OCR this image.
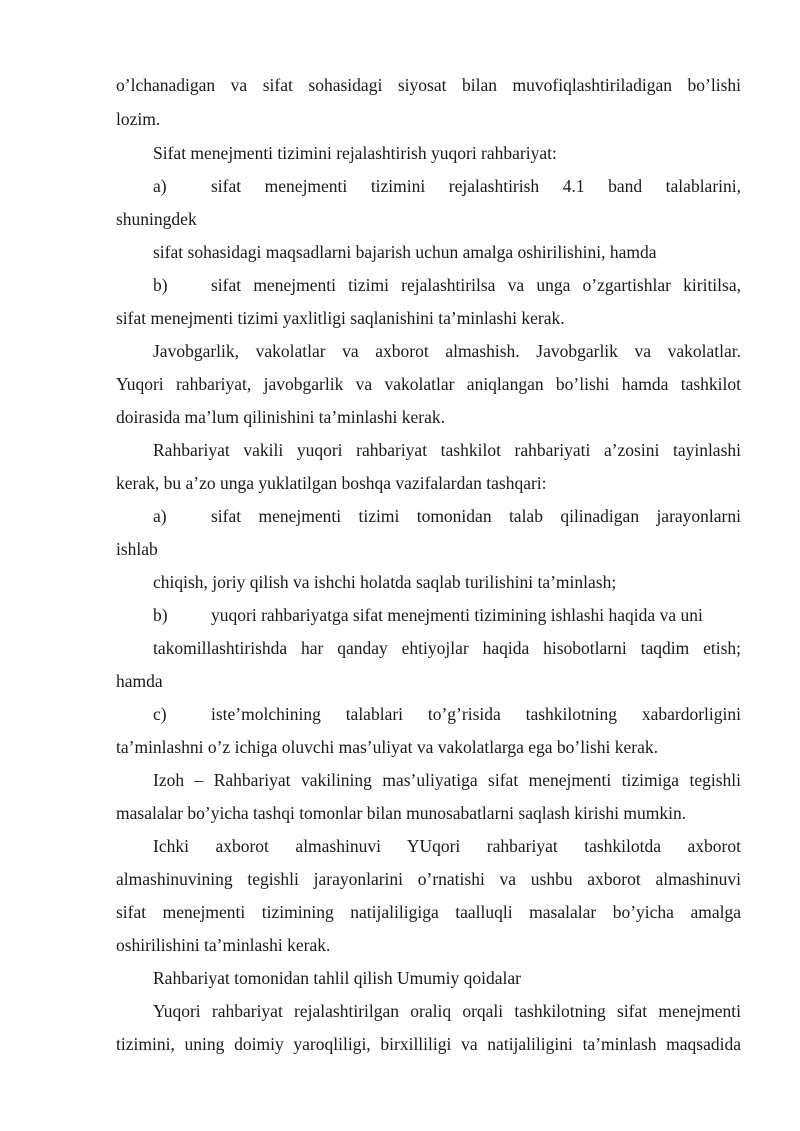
o’lchanadigan va sifat sohasidagi siyosat bilan muvofiqlashtiriladigan bo’lishi
lozim.
Sifat menejmenti tizimini rejalashtirish yuqori rahbariyat:
a)	sifat menejmenti tizimini rejalashtirish 4.1 band talablarini,
shuningdek
sifat sohasidagi maqsadlarni bajarish uchun amalga oshirilishini, hamda
b) sifat menejmenti tizimi rejalashtirilsa va unga o’zgartishlar kiritilsa,
sifat menejmenti tizimi yaxlitligi saqlanishini ta’minlashi kerak.
Javobgarlik, vakolatlar va axborot almashish. Javobgarlik va vakolatlar.
Yuqori rahbariyat, javobgarlik va vakolatlar aniqlangan bo’lishi hamda tashkilot
doirasida ma’lum qilinishini ta’minlashi kerak.
Rahbariyat vakili yuqori rahbariyat tashkilot rahbariyati a’zosini tayinlashi
kerak, bu a’zo unga yuklatilgan boshqa vazifalardan tashqari:
a)	sifat menejmenti tizimi tomonidan talab qilinadigan jarayonlarni
ishlab
chiqish, joriy qilish va ishchi holatda saqlab turilishini ta’minlash;
b) yuqori rahbariyatga sifat menejmenti tizimining ishlashi haqida va uni
takomillashtirishda har qanday ehtiyojlar haqida hisobotlarni taqdim etish;
hamda
c)	iste’molchining talablari to’g’risida tashkilotning xabardorligini
ta’minlashni o’z ichiga oluvchi mas’uliyat va vakolatlarga ega bo’lishi kerak.
Izoh – Rahbariyat vakilining mas’uliyatiga sifat menejmenti tizimiga tegishli
masalalar bo’yicha tashqi tomonlar bilan munosabatlarni saqlash kirishi mumkin.
Ichki axborot almashinuvi YUqori rahbariyat tashkilotda axborot
almashinuvining tegishli jarayonlarini o’rnatishi va ushbu axborot almashinuvi
sifat menejmenti tizimining natijaliligiga taalluqli masalalar bo’yicha amalga
oshirilishini ta’minlashi kerak.
Rahbariyat tomonidan tahlil qilish Umumiy qoidalar
Yuqori rahbariyat rejalashtirilgan oraliq orqali tashkilotning sifat menejmenti
tizimini, uning doimiy yaroqliligi, birxilliligi va natijaliligini ta’minlash maqsadida
